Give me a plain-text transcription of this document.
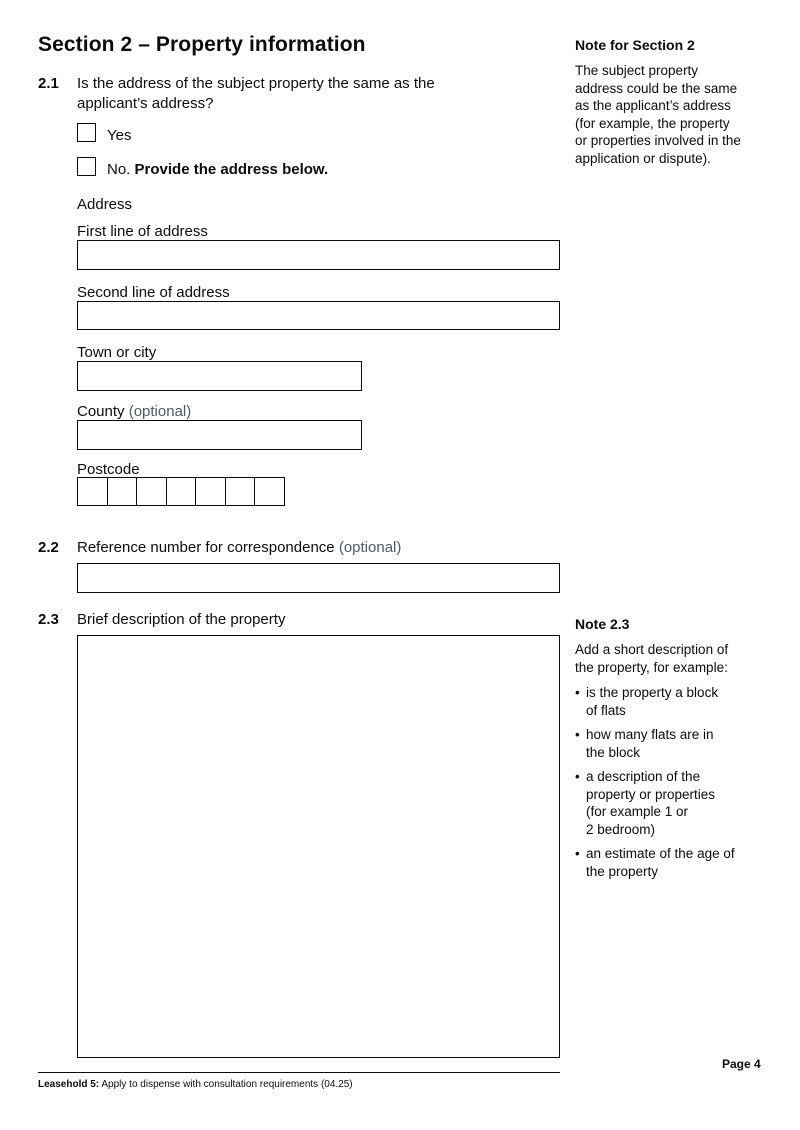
Section 2 – Property information
2.1 Is the address of the subject property the same as the
applicant’s address?
Yes
No. Provide the address below.
Address
First line of address
Second line of address
Town or city
County (optional)
Postcode
2.2 Reference number for correspondence (optional)
2.3 Brief description of the property
Note for Section 2
The subject property
address could be the same
as the applicant’s address
(for example, the property
or properties involved in the
application or dispute).
Note 2.3
Add a short description of
the property, for example:
• is the property a block
of flats
• how many flats are in
the block
• a description of the
property or properties
(for example 1 or
2 bedroom)
• an estimate of the age of
the property
Page 4
Leasehold 5: Apply to dispense with consultation requirements (04.25)
